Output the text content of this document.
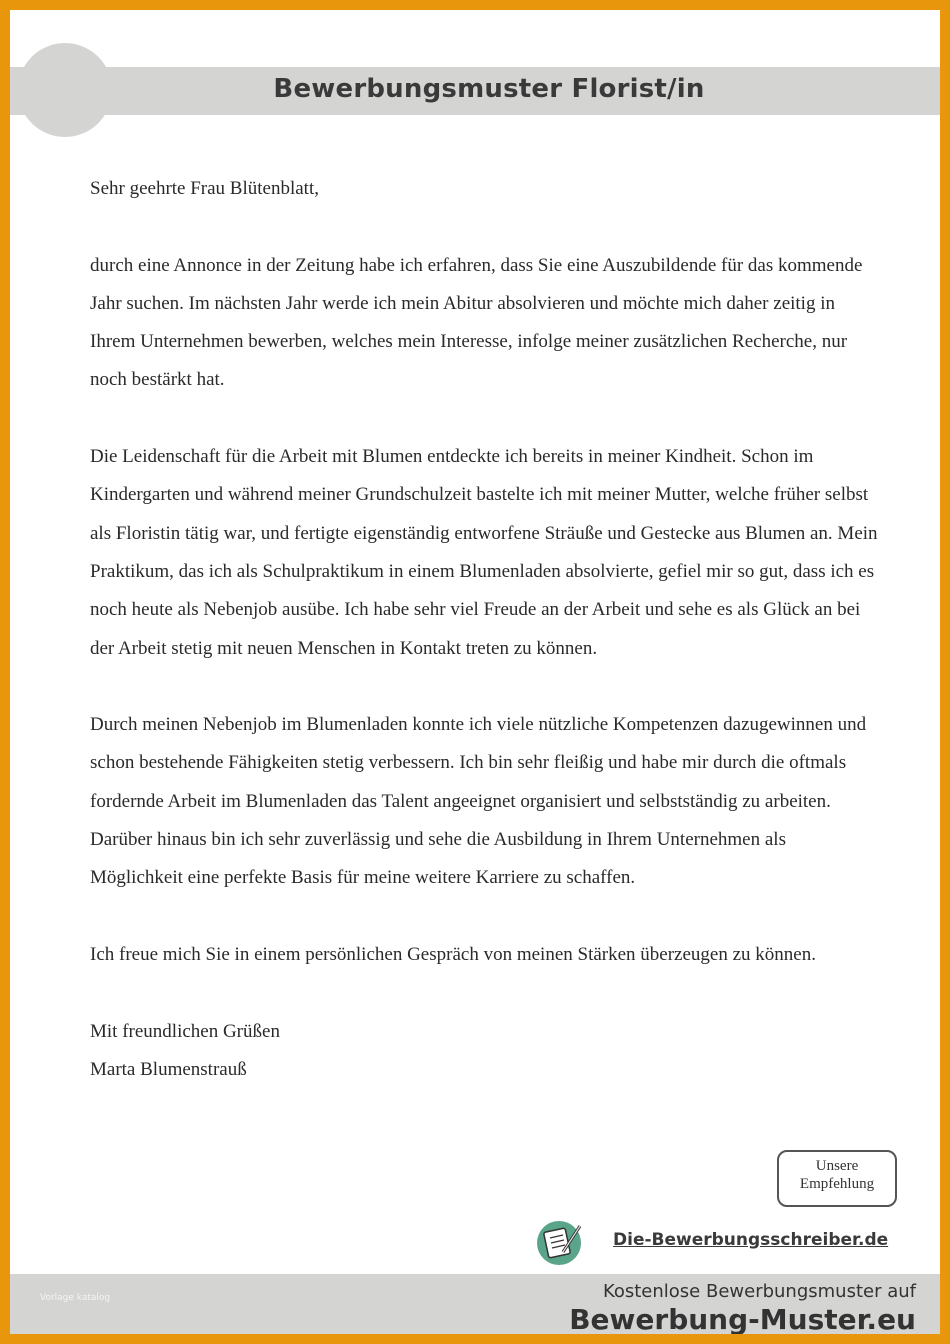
Bewerbungsmuster Florist/in

Sehr geehrte Frau Blütenblatt,

durch eine Annonce in der Zeitung habe ich erfahren, dass Sie eine Auszubildende für das kommende Jahr suchen. Im nächsten Jahr werde ich mein Abitur absolvieren und möchte mich daher zeitig in Ihrem Unternehmen bewerben, welches mein Interesse, infolge meiner zusätzlichen Recherche, nur noch bestärkt hat.

Die Leidenschaft für die Arbeit mit Blumen entdeckte ich bereits in meiner Kindheit. Schon im Kindergarten und während meiner Grundschulzeit bastelte ich mit meiner Mutter, welche früher selbst als Floristin tätig war, und fertigte eigenständig entworfene Sträuße und Gestecke aus Blumen an. Mein Praktikum, das ich als Schulpraktikum in einem Blumenladen absolvierte, gefiel mir so gut, dass ich es noch heute als Nebenjob ausübe. Ich habe sehr viel Freude an der Arbeit und sehe es als Glück an bei der Arbeit stetig mit neuen Menschen in Kontakt treten zu können.

Durch meinen Nebenjob im Blumenladen konnte ich viele nützliche Kompetenzen dazugewinnen und schon bestehende Fähigkeiten stetig verbessern. Ich bin sehr fleißig und habe mir durch die oftmals fordernde Arbeit im Blumenladen das Talent angeeignet organisiert und selbstständig zu arbeiten. Darüber hinaus bin ich sehr zuverlässig und sehe die Ausbildung in Ihrem Unternehmen als Möglichkeit eine perfekte Basis für meine weitere Karriere zu schaffen.

Ich freue mich Sie in einem persönlichen Gespräch von meinen Stärken überzeugen zu können.

Mit freundlichen Grüßen

Marta Blumenstrauß

Unsere
Empfehlung
Die-Bewerbungsschreiber.de
Vorlage katalog	Kostenlose Bewerbungsmuster auf
Bewerbung-Muster.eu
